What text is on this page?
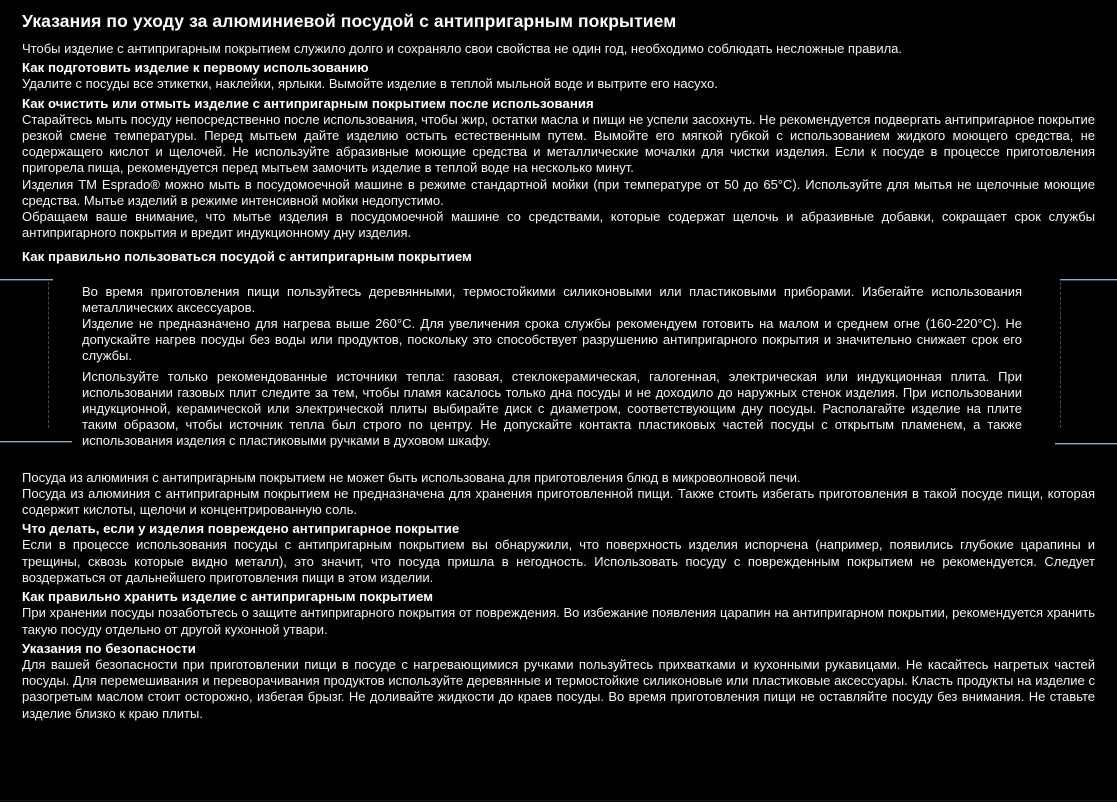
Указания по уходу за алюминиевой посудой с антипригарным покрытием

Чтобы изделие с антипригарным покрытием служило долго и сохраняло свои свойства не один год, необходимо соблюдать несложные правила.

Как подготовить изделие к первому использованию

Удалите с посуды все этикетки, наклейки, ярлыки. Вымойте изделие в теплой мыльной воде и вытрите его насухо.

Как очистить или отмыть изделие с антипригарным покрытием после использования

Старайтесь мыть посуду непосредственно после использования, чтобы жир, остатки масла и пищи не успели засохнуть. Не рекомендуется подвергать антипригарное покрытие резкой смене температуры. Перед мытьем дайте изделию остыть естественным путем. Вымойте его мягкой губкой с использованием жидкого моющего средства, не содержащего кислот и щелочей. Не используйте абразивные моющие средства и металлические мочалки для чистки изделия. Если к посуде в процессе приготовления пригорела пища, рекомендуется перед мытьем замочить изделие в теплой воде на несколько минут.

Изделия TM Esprado® можно мыть в посудомоечной машине в режиме стандартной мойки (при температуре от 50 до 65°С). Используйте для мытья не щелочные моющие средства. Мытье изделий в режиме интенсивной мойки недопустимо.

Обращаем ваше внимание, что мытье изделия в посудомоечной машине со средствами, которые содержат щелочь и абразивные добавки, сокращает срок службы антипригарного покрытия и вредит индукционному дну изделия.

Как правильно пользоваться посудой с антипригарным покрытием

Во время приготовления пищи пользуйтесь деревянными, термостойкими силиконовыми или пластиковыми приборами. Избегайте использования металлических аксессуаров.

Изделие не предназначено для нагрева выше 260°С. Для увеличения срока службы рекомендуем готовить на малом и среднем огне (160-220°С). Не допускайте нагрев посуды без воды или продуктов, поскольку это способствует разрушению антипригарного покрытия и значительно снижает срок его службы.

Используйте только рекомендованные источники тепла: газовая, стеклокерамическая, галогенная, электрическая или индукционная плита. При использовании газовых плит следите за тем, чтобы пламя касалось только дна посуды и не доходило до наружных стенок изделия. При использовании индукционной, керамической или электрической плиты выбирайте диск с диаметром, соответствующим дну посуды. Располагайте изделие на плите таким образом, чтобы источник тепла был строго по центру. Не допускайте контакта пластиковых частей посуды с открытым пламенем, а также использования изделия с пластиковыми ручками в духовом шкафу.

Посуда из алюминия с антипригарным покрытием не может быть использована для приготовления блюд в микроволновой печи.

Посуда из алюминия с антипригарным покрытием не предназначена для хранения приготовленной пищи. Также стоить избегать приготовления в такой посуде пищи, которая содержит кислоты, щелочи и концентрированную соль.

Что делать, если у изделия повреждено антипригарное покрытие

Если в процессе использования посуды с антипригарным покрытием вы обнаружили, что поверхность изделия испорчена (например, появились глубокие царапины и трещины, сквозь которые видно металл), это значит, что посуда пришла в негодность. Использовать посуду с поврежденным покрытием не рекомендуется. Следует воздержаться от дальнейшего приготовления пищи в этом изделии.

Как правильно хранить изделие с антипригарным покрытием

При хранении посуды позаботьтесь о защите антипригарного покрытия от повреждения. Во избежание появления царапин на антипригарном покрытии, рекомендуется хранить такую посуду отдельно от другой кухонной утвари.

Указания по безопасности

Для вашей безопасности при приготовлении пищи в посуде с нагревающимися ручками пользуйтесь прихватками и кухонными рукавицами. Не касайтесь нагретых частей посуды. Для перемешивания и переворачивания продуктов используйте деревянные и термостойкие силиконовые или пластиковые аксессуары. Класть продукты на изделие с разогретым маслом стоит осторожно, избегая брызг. Не доливайте жидкости до краев посуды. Во время приготовления пищи не оставляйте посуду без внимания. Не ставьте изделие близко к краю плиты.
